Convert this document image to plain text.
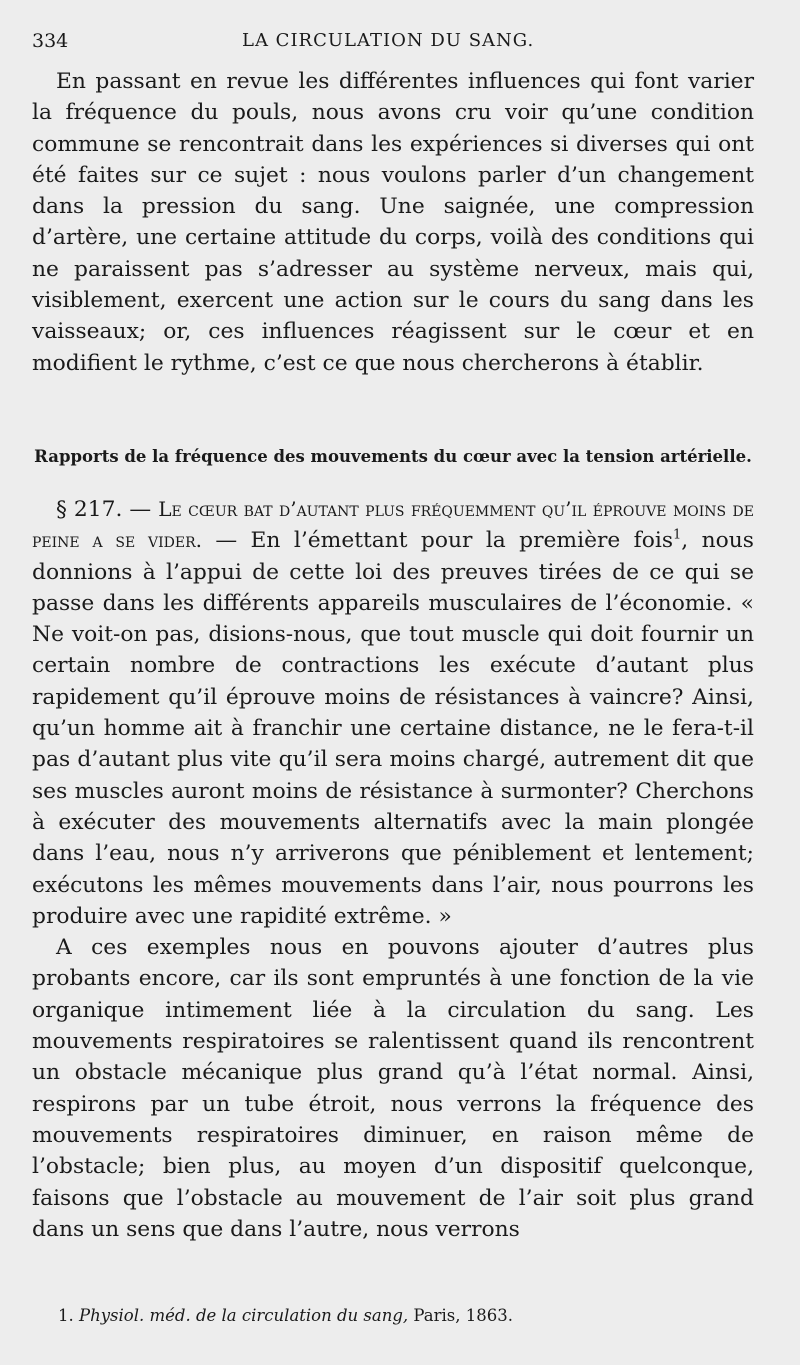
334	LA CIRCULATION DU SANG.

En passant en revue les différentes influences qui font varier la fréquence du pouls, nous avons cru voir qu’une condition commune se rencontrait dans les expériences si diverses qui ont été faites sur ce sujet : nous voulons parler d’un changement dans la pression du sang. Une saignée, une compression d’artère, une certaine attitude du corps, voilà des conditions qui ne paraissent pas s’adresser au système nerveux, mais qui, visiblement, exercent une action sur le cours du sang dans les vaisseaux; or, ces influences réagissent sur le cœur et en modifient le rythme, c’est ce que nous chercherons à établir.

Rapports de la fréquence des mouvements du cœur avec la tension artérielle.

§ 217. — Le cœur bat d’autant plus fréquemment qu’il éprouve moins de peine a se vider. — En l’émettant pour la première fois$^1$, nous donnions à l’appui de cette loi des preuves tirées de ce qui se passe dans les différents appareils musculaires de l’économie. « Ne voit-on pas, disions-nous, que tout muscle qui doit fournir un certain nombre de contractions les exécute d’autant plus rapidement qu’il éprouve moins de résistances à vaincre? Ainsi, qu’un homme ait à franchir une certaine distance, ne le fera-t-il pas d’autant plus vite qu’il sera moins chargé, autrement dit que ses muscles auront moins de résistance à surmonter? Cherchons à exécuter des mouvements alternatifs avec la main plongée dans l’eau, nous n’y arriverons que péniblement et lentement; exécutons les mêmes mouvements dans l’air, nous pourrons les produire avec une rapidité extrême. »

A ces exemples nous en pouvons ajouter d’autres plus probants encore, car ils sont empruntés à une fonction de la vie organique intimement liée à la circulation du sang. Les mouvements respiratoires se ralentissent quand ils rencontrent un obstacle mécanique plus grand qu’à l’état normal. Ainsi, respirons par un tube étroit, nous verrons la fréquence des mouvements respiratoires diminuer, en raison même de l’obstacle; bien plus, au moyen d’un dispositif quelconque, faisons que l’obstacle au mouvement de l’air soit plus grand dans un sens que dans l’autre, nous verrons

1. Physiol. méd. de la circulation du sang, Paris, 1863.
